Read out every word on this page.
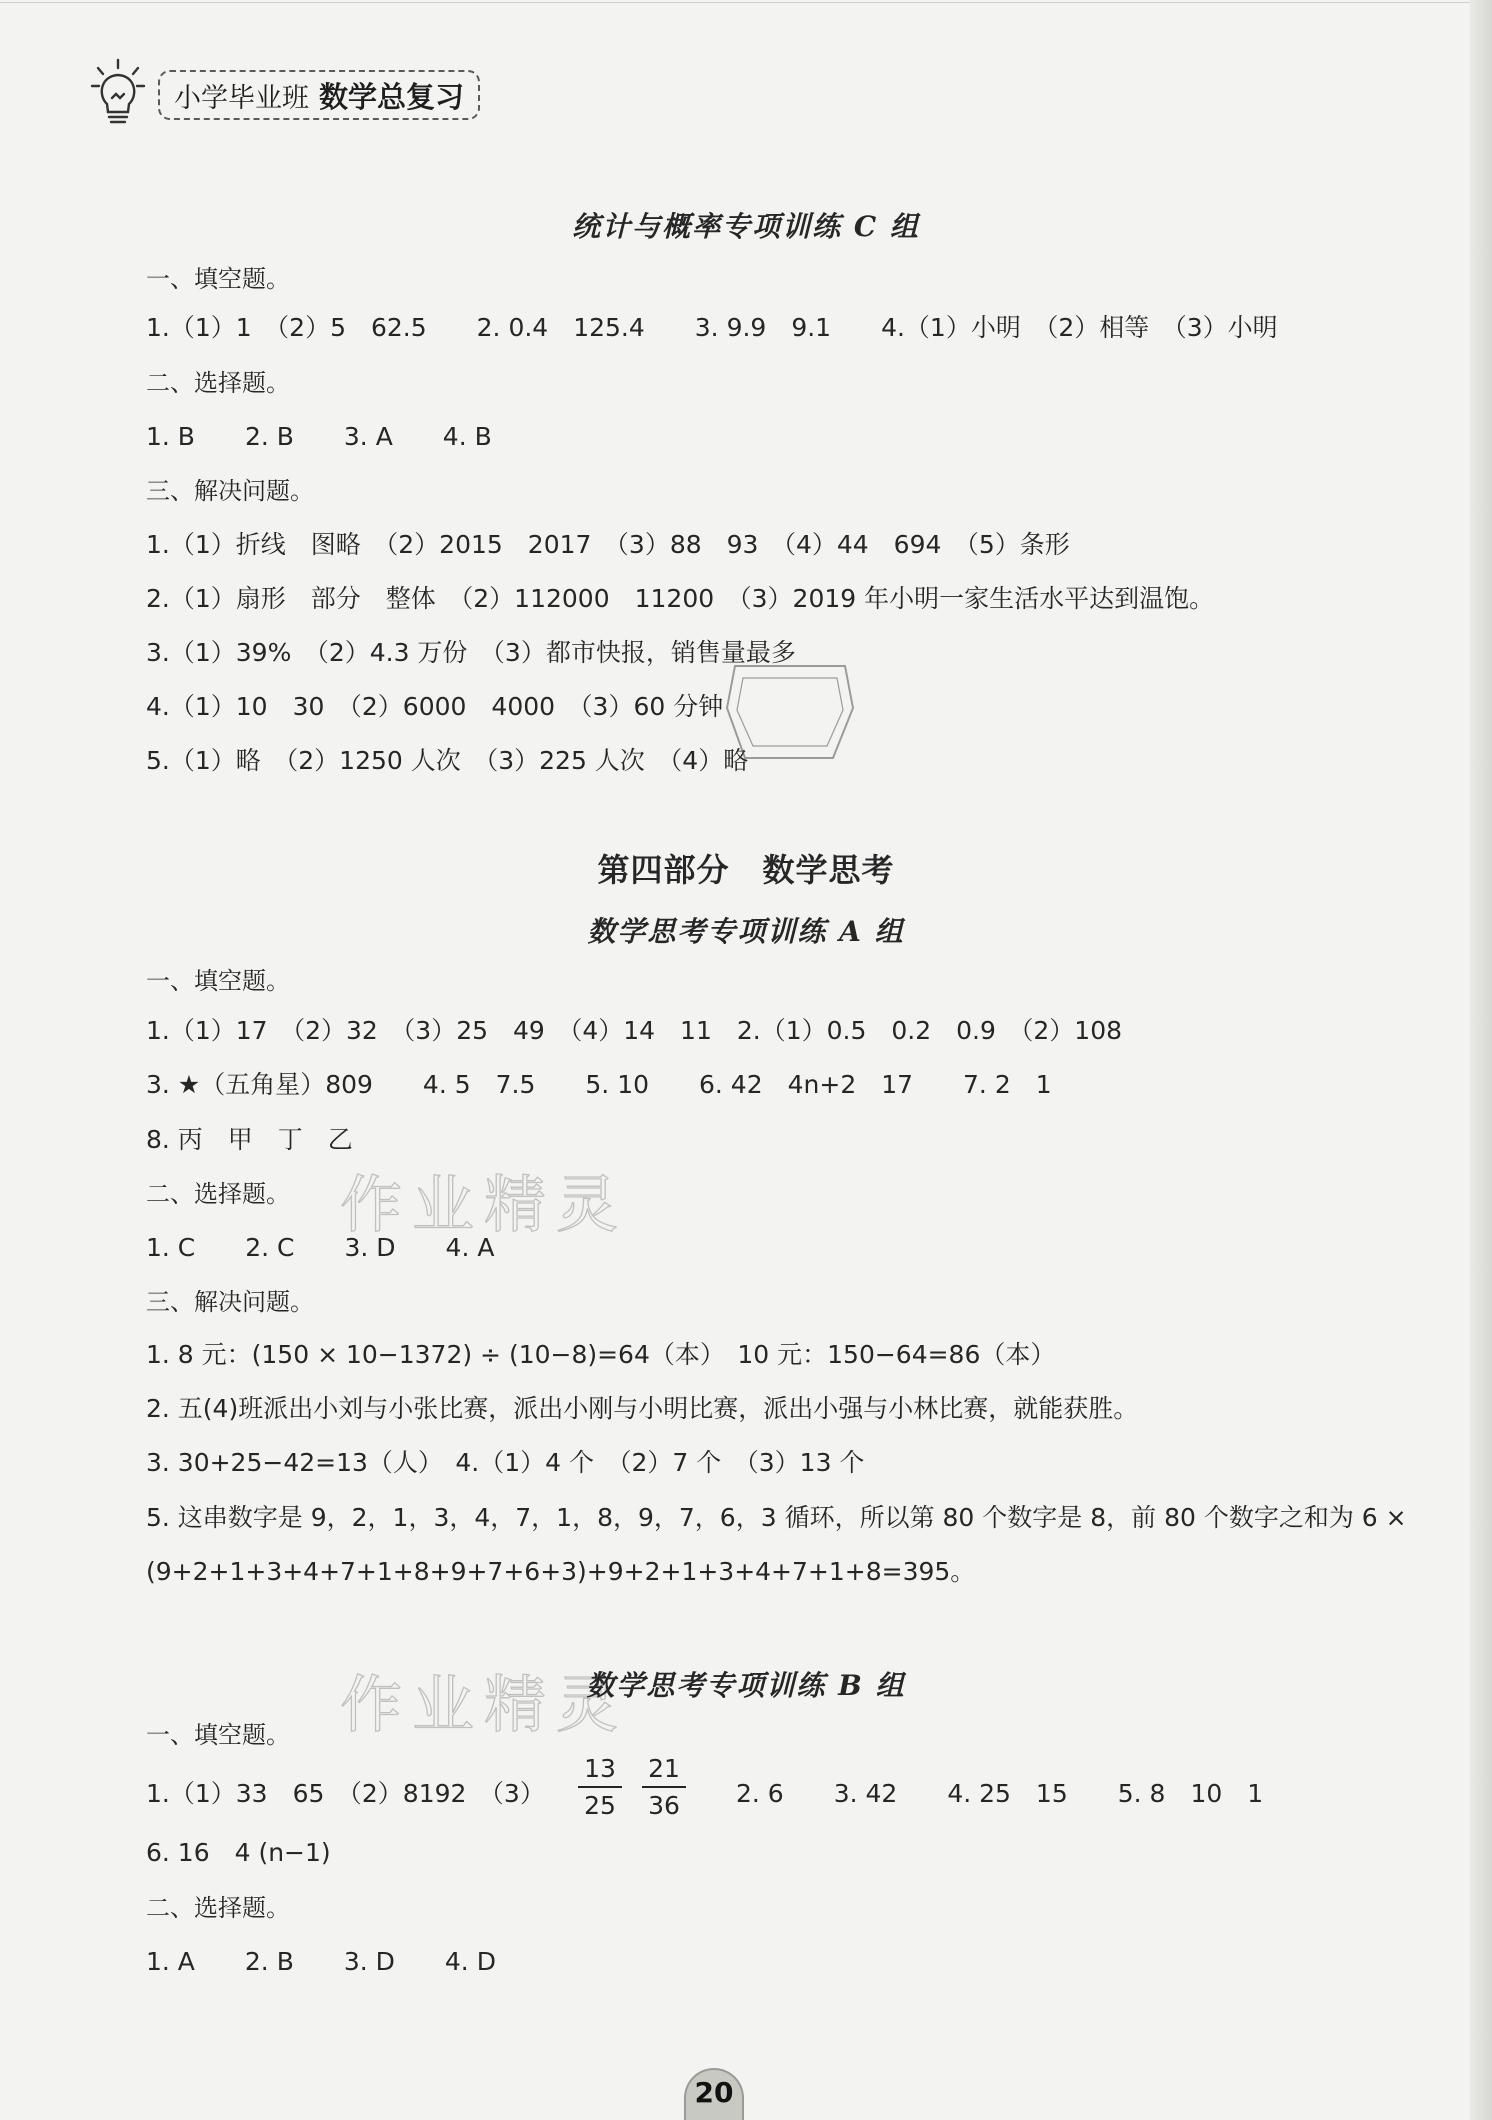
小学毕业班 数学总复习
统计与概率专项训练 C 组
一、填空题。
1.（1）1　（2）5　62.5　　2. 0.4　125.4　　3. 9.9　9.1　　4.（1）小明　（2）相等　（3）小明
二、选择题。
1. B　　2. B　　3. A　　4. B
三、解决问题。
1.（1）折线　图略　（2）2015　2017　（3）88　93　（4）44　694　（5）条形
2.（1）扇形　部分　整体　（2）112000　11200　（3）2019 年小明一家生活水平达到温饱。
3.（1）39%　（2）4.3 万份　（3）都市快报，销售量最多
4.（1）10　30　（2）6000　4000　（3）60 分钟
5.（1）略　（2）1250 人次　（3）225 人次　（4）略
第四部分　数学思考
数学思考专项训练 A 组
一、填空题。
1.（1）17　（2）32　（3）25　49　（4）14　11　2.（1）0.5　0.2　0.9　（2）108
3. ★（五角星）809　　4. 5　7.5　　5. 10　　6. 42　4n+2　17　　7. 2　1
8. 丙　甲　丁　乙
二、选择题。
1. C　　2. C　　3. D　　4. A
三、解决问题。
1. 8 元：(150 × 10−1372) ÷ (10−8)=64（本）　10 元：150−64=86（本）
2. 五(4)班派出小刘与小张比赛，派出小刚与小明比赛，派出小强与小林比赛，就能获胜。
3. 30+25−42=13（人）　4.（1）4 个　（2）7 个　（3）13 个
5. 这串数字是 9，2，1，3，4，7，1，8，9，7，6，3 循环，所以第 80 个数字是 8，前 80 个数字之和为 6 ×
(9+2+1+3+4+7+1+8+9+7+6+3)+9+2+1+3+4+7+1+8=395。
作业精灵
作业精灵
数学思考专项训练 B 组
一、填空题。
1.（1）33　65　（2）8192　（3）
13
25
21
36 2. 6　　3. 42　　4. 25　15　　5. 8　10　1
6. 16　4 (n−1)
二、选择题。
1. A　　2. B　　3. D　　4. D
20
